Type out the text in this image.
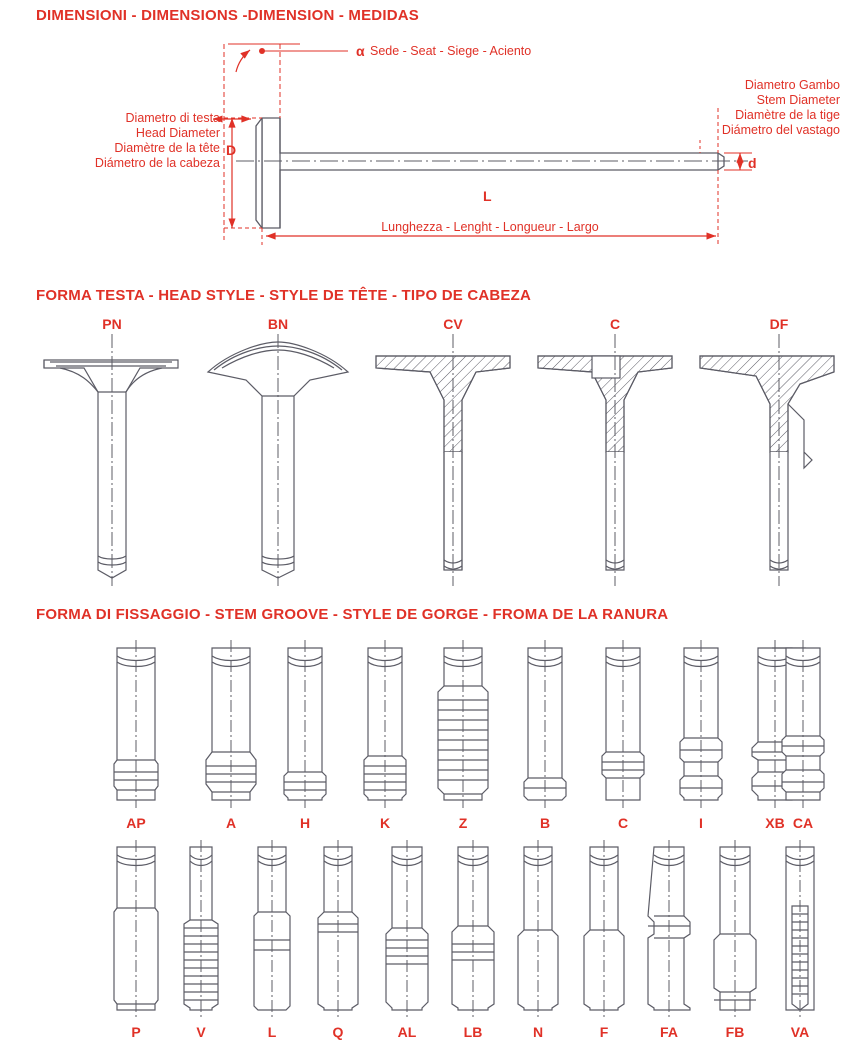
DIMENSIONI - DIMENSIONS -DIMENSION - MEDIDAS
α Sede - Seat - Siege - Aciento
Diametro di testa
Head Diameter
Diamètre de la tête
Diámetro de la cabeza
Diametro Gambo
Stem Diameter
Diamètre de la tige
Diámetro del vastago
D
d
L
Lunghezza - Lenght - Longueur - Largo
FORMA TESTA - HEAD STYLE - STYLE DE TÊTE - TIPO DE CABEZA
PN	BN	CV	C	DF
FORMA DI FISSAGGIO - STEM GROOVE - STYLE DE GORGE - FROMA DE LA RANURA
AP	A	H	K	Z	B	C	I	XB CA
P	V	L	Q	AL	LB	N	F	FA	FB	VA
